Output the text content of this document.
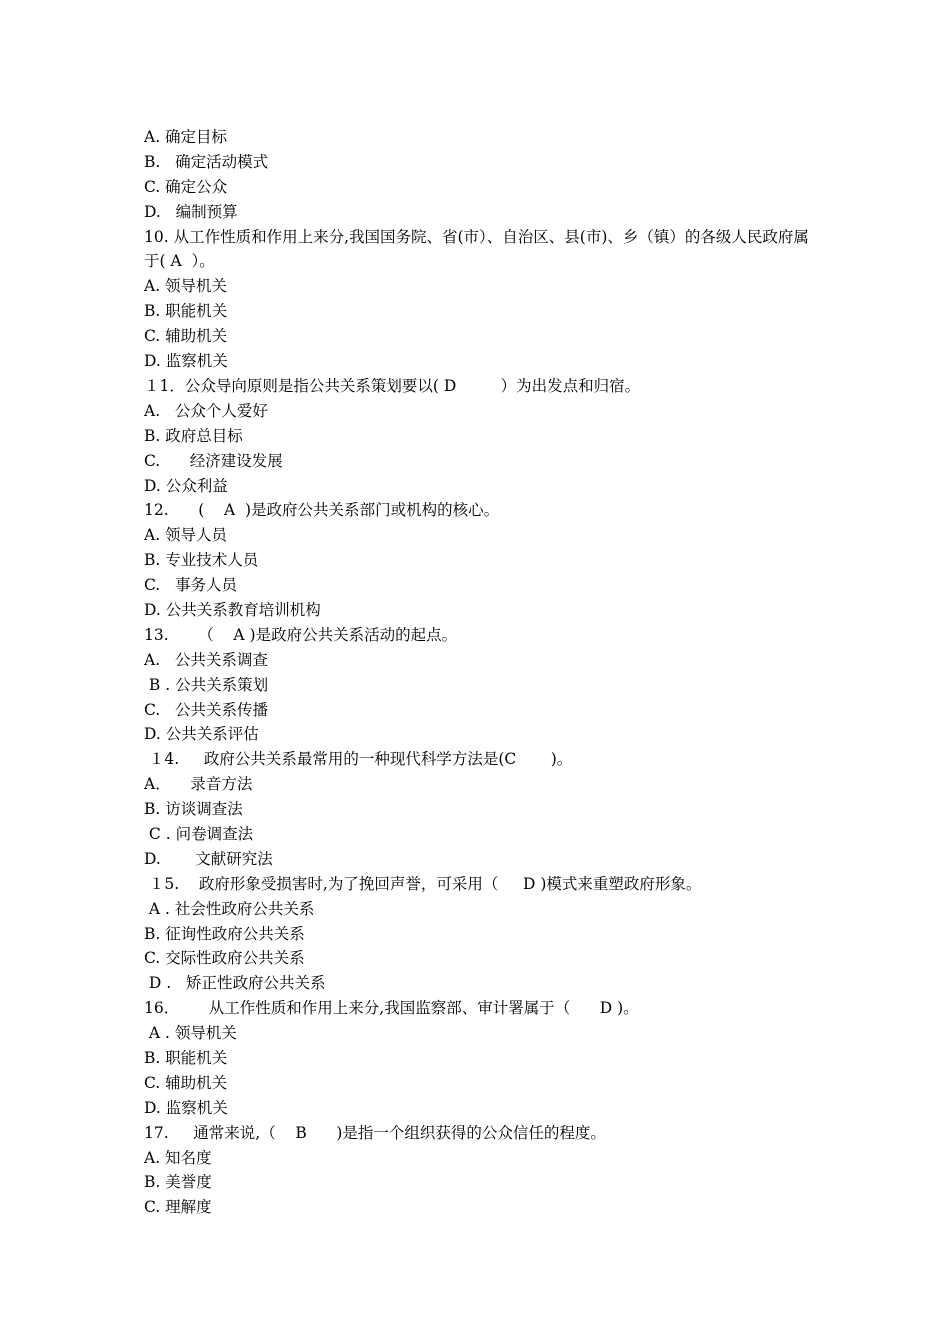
A. 确定目标
B.   确定活动模式
C. 确定公众
D.   编制预算
10. 从工作性质和作用上来分,我国国务院、省(市）、自治区、县(市)、乡（镇）的各级人民政府属于( A  ）。
A. 领导机关
B. 职能机关
C. 辅助机关
D. 监察机关
１1．公众导向原则是指公共关系策划要以( D         ）为出发点和归宿。
A.   公众个人爱好
B. 政府总目标
C.      经济建设发展
D. 公众利益
12.      (    A  )是政府公共关系部门或机构的核心。
A. 领导人员
B. 专业技术人员
C.   事务人员
D. 公共关系教育培训机构
13.      （    A )是政府公共关系活动的起点。
A.   公共关系调查
B . 公共关系策划
C.   公共关系传播
D. 公共关系评估
１4.     政府公共关系最常用的一种现代科学方法是(C       )。
A．    录音方法
B. 访谈调查法
C . 问卷调查法
D.       文献研究法
１5.    政府形象受损害时,为了挽回声誉，可采用（     D )模式来重塑政府形象。
A . 社会性政府公共关系
B. 征询性政府公共关系
C. 交际性政府公共关系
D .   矫正性政府公共关系
16．      从工作性质和作用上来分,我国监察部、审计署属于（      D )。
A . 领导机关
B. 职能机关
C. 辅助机关
D. 监察机关
17.     通常来说,（    B      )是指一个组织获得的公众信任的程度。
A. 知名度
B. 美誉度
C. 理解度
